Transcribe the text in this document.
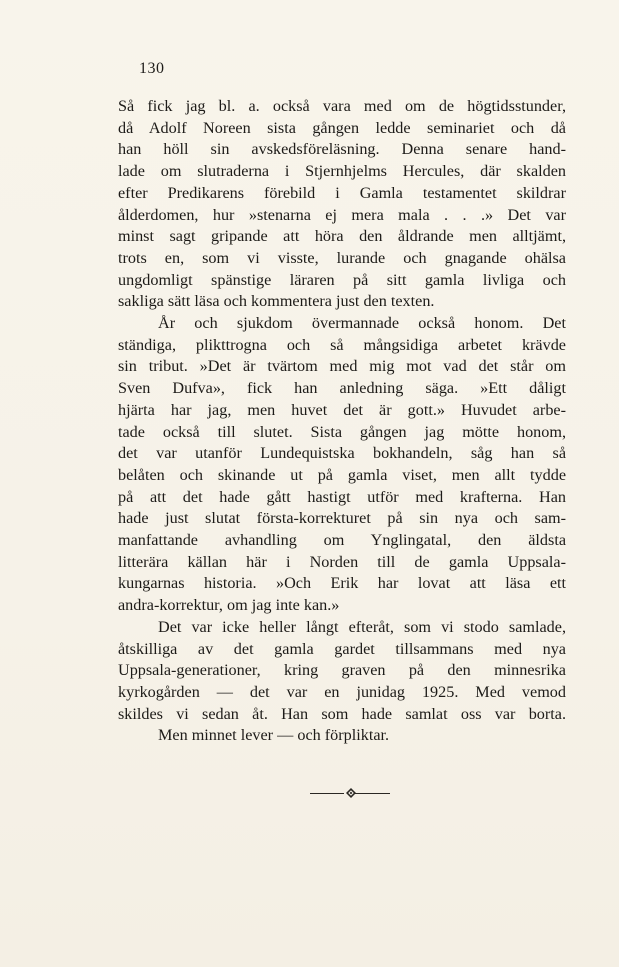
130
Så fick jag bl. a. också vara med om de högtidsstunder,
då Adolf Noreen sista gången ledde seminariet och då
han höll sin avskedsföreläsning. Denna senare hand-
lade om slutraderna i Stjernhjelms Hercules, där skalden
efter Predikarens förebild i Gamla testamentet skildrar
ålderdomen, hur »stenarna ej mera mala . . .» Det var
minst sagt gripande att höra den åldrande men alltjämt,
trots en, som vi visste, lurande och gnagande ohälsa
ungdomligt spänstige läraren på sitt gamla livliga och
sakliga sätt läsa och kommentera just den texten.
År och sjukdom övermannade också honom. Det
ständiga, plikttrogna och så mångsidiga arbetet krävde
sin tribut. »Det är tvärtom med mig mot vad det står om
Sven Dufva», fick han anledning säga. »Ett dåligt
hjärta har jag, men huvet det är gott.» Huvudet arbe-
tade också till slutet. Sista gången jag mötte honom,
det var utanför Lundequistska bokhandeln, såg han så
belåten och skinande ut på gamla viset, men allt tydde
på att det hade gått hastigt utför med krafterna. Han
hade just slutat första-korrekturet på sin nya och sam-
manfattande avhandling om Ynglingatal, den äldsta
litterära källan här i Norden till de gamla Uppsala-
kungarnas historia. »Och Erik har lovat att läsa ett
andra-korrektur, om jag inte kan.»
Det var icke heller långt efteråt, som vi stodo samlade,
åtskilliga av det gamla gardet tillsammans med nya
Uppsala-generationer, kring graven på den minnesrika
kyrkogården — det var en junidag 1925. Med vemod
skildes vi sedan åt. Han som hade samlat oss var borta.
Men minnet lever — och förpliktar.
